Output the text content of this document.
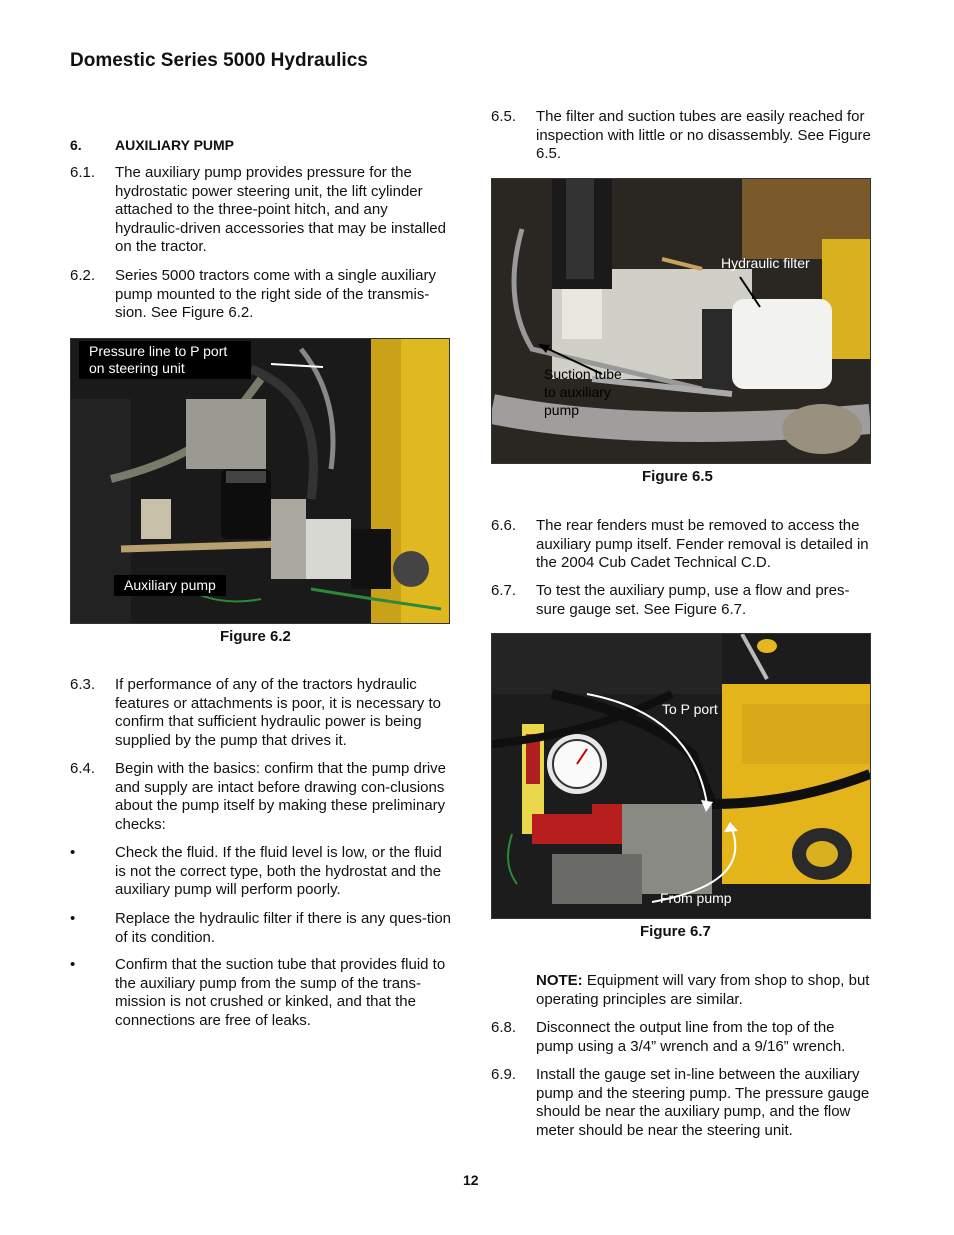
Domestic Series 5000 Hydraulics
6. AUXILIARY PUMP
6.1. The auxiliary pump provides pressure for the hydrostatic power steering unit, the lift cylinder attached to the three-point hitch, and any hydraulic-driven accessories that may be installed on the tractor.
6.2. Series 5000 tractors come with a single auxiliary pump mounted to the right side of the transmis-sion. See Figure 6.2.
Pressure line to P port on steering unit
Auxiliary pump
Figure 6.2
6.3. If performance of any of the tractors hydraulic features or attachments is poor, it is necessary to confirm that sufficient hydraulic power is being supplied by the pump that drives it.
6.4. Begin with the basics: confirm that the pump drive and supply are intact before drawing con-clusions about the pump itself by making these preliminary checks:
•	Check the fluid. If the fluid level is low, or the fluid is not the correct type, both the hydrostat and the auxiliary pump will perform poorly.
•	Replace the hydraulic filter if there is any ques-tion of its condition.
•	Confirm that the suction tube that provides fluid to the auxiliary pump from the sump of the trans-mission is not crushed or kinked, and that the connections are free of leaks.
6.5. The filter and suction tubes are easily reached for inspection with little or no disassembly. See Figure 6.5.
Hydraulic filter
Suction tube to auxiliary pump
Figure 6.5
6.6. The rear fenders must be removed to access the auxiliary pump itself. Fender removal is detailed in the 2004 Cub Cadet Technical C.D.
6.7. To test the auxiliary pump, use a flow and pres-sure gauge set. See Figure 6.7.
To P port
From pump
Figure 6.7
NOTE: Equipment will vary from shop to shop, but operating principles are similar.
6.8. Disconnect the output line from the top of the pump using a 3/4” wrench and a 9/16” wrench.
6.9. Install the gauge set in-line between the auxiliary pump and the steering pump. The pressure gauge should be near the auxiliary pump, and the flow meter should be near the steering unit.
12
